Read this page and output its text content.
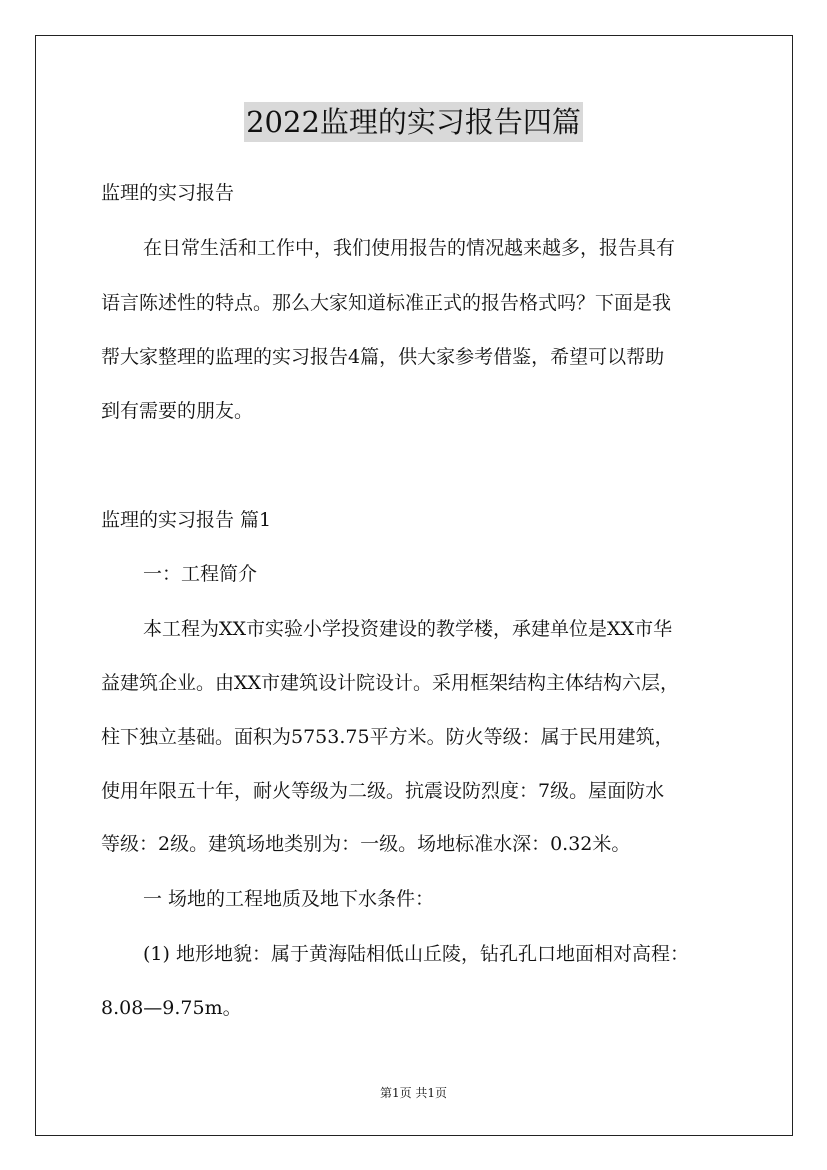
2022监理的实习报告四篇
监理的实习报告
在日常生活和工作中，我们使用报告的情况越来越多，报告具有
语言陈述性的特点。那么大家知道标准正式的报告格式吗？下面是我
帮大家整理的监理的实习报告4篇，供大家参考借鉴，希望可以帮助
到有需要的朋友。
监理的实习报告 篇1
一：工程简介
本工程为XX市实验小学投资建设的教学楼，承建单位是XX市华
益建筑企业。由XX市建筑设计院设计。采用框架结构主体结构六层，
柱下独立基础。面积为5753.75平方米。防火等级：属于民用建筑，
使用年限五十年，耐火等级为二级。抗震设防烈度：7级。屋面防水
等级：2级。建筑场地类别为：一级。场地标准水深：0.32米。
一 场地的工程地质及地下水条件：
(1) 地形地貌：属于黄海陆相低山丘陵，钻孔孔口地面相对高程：
8.08—9.75m。
第1页 共1页
